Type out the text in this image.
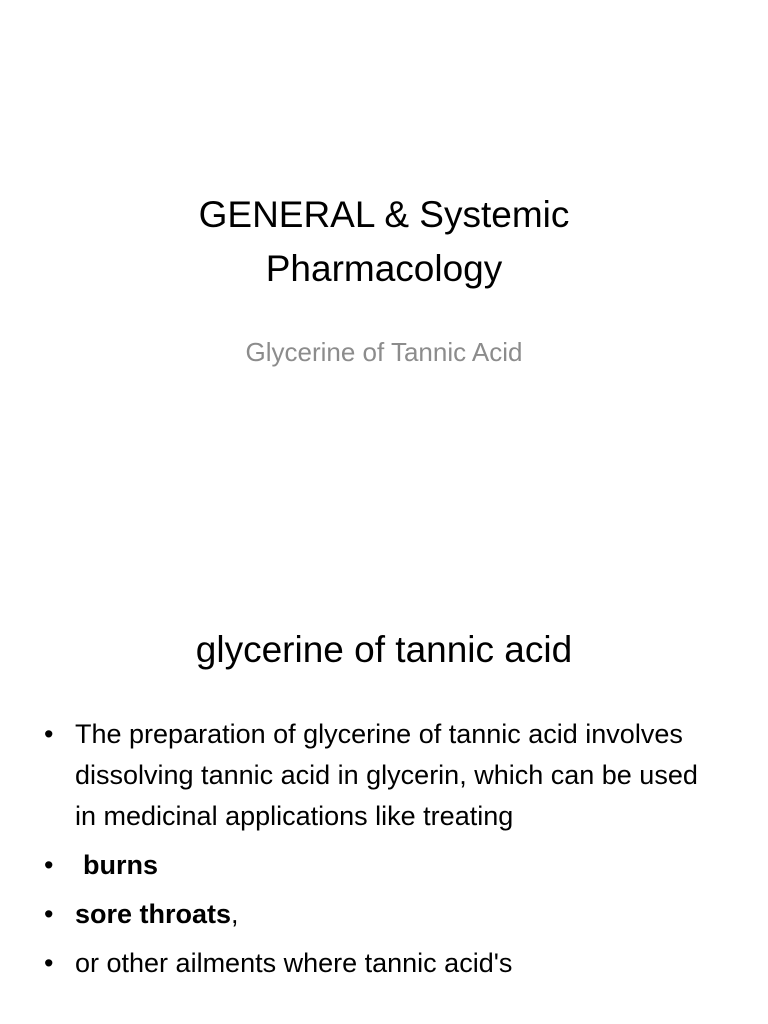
GENERAL & Systemic
Pharmacology
Glycerine of Tannic Acid
glycerine of tannic acid
• The preparation of glycerine of tannic acid involves dissolving tannic acid in glycerin, which can be used in medicinal applications like treating
•	burns
• sore throats,
• or other ailments where tannic acid's
